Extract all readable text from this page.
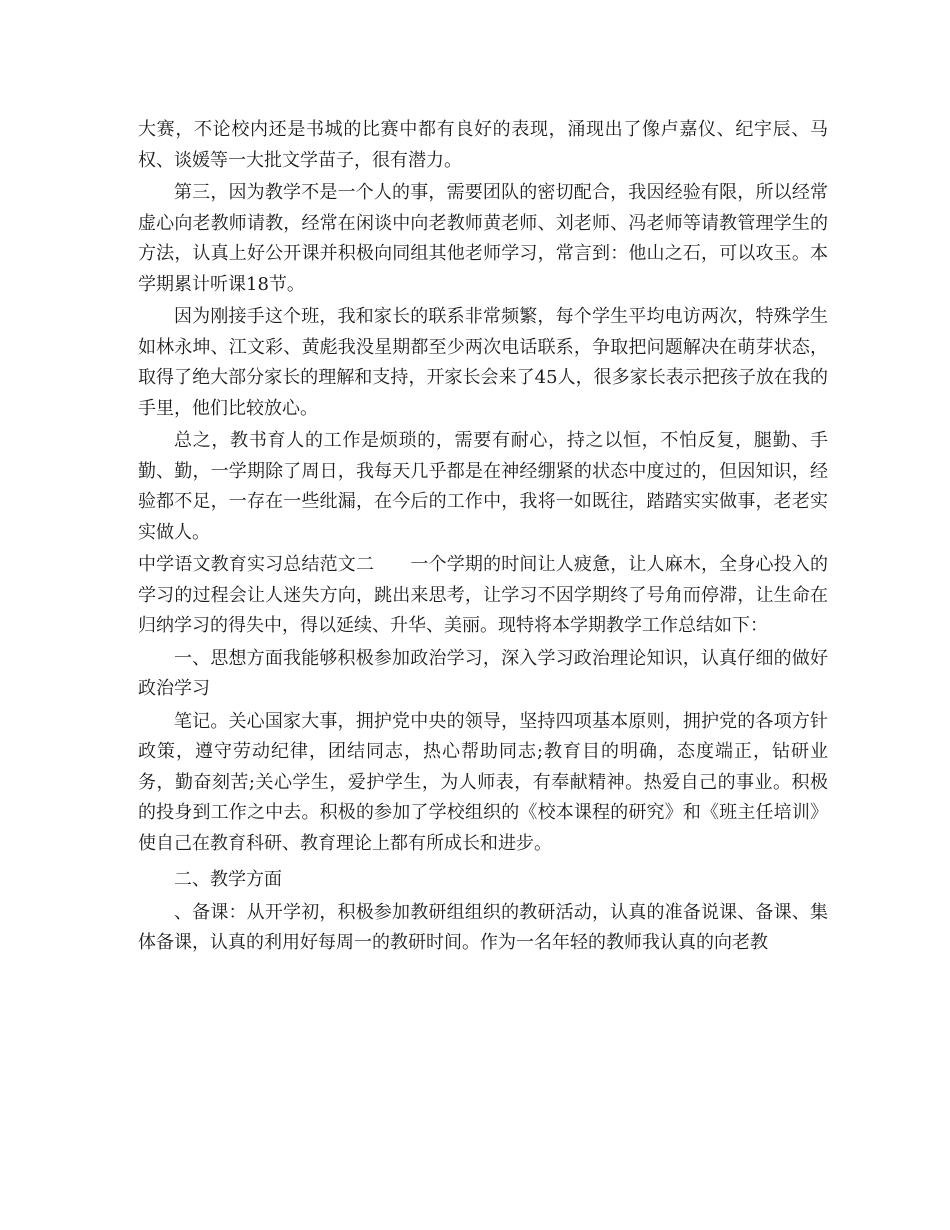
大赛，不论校内还是书城的比赛中都有良好的表现，涌现出了像卢嘉仪、纪宇辰、马权、谈媛等一大批文学苗子，很有潜力。

第三，因为教学不是一个人的事，需要团队的密切配合，我因经验有限，所以经常虚心向老教师请教，经常在闲谈中向老教师黄老师、刘老师、冯老师等请教管理学生的方法，认真上好公开课并积极向同组其他老师学习，常言到：他山之石，可以攻玉。本学期累计听课18节。

因为刚接手这个班，我和家长的联系非常频繁，每个学生平均电访两次，特殊学生如林永坤、江文彩、黄彪我没星期都至少两次电话联系，争取把问题解决在萌芽状态，取得了绝大部分家长的理解和支持，开家长会来了45人，很多家长表示把孩子放在我的手里，他们比较放心。

总之，教书育人的工作是烦琐的，需要有耐心，持之以恒，不怕反复，腿勤、手勤、勤，一学期除了周日，我每天几乎都是在神经绷紧的状态中度过的，但因知识，经验都不足，一存在一些纰漏，在今后的工作中，我将一如既往，踏踏实实做事，老老实实做人。

中学语文教育实习总结范文二　　一个学期的时间让人疲惫，让人麻木，全身心投入的学习的过程会让人迷失方向，跳出来思考，让学习不因学期终了号角而停滞，让生命在归纳学习的得失中，得以延续、升华、美丽。现特将本学期教学工作总结如下：

一、思想方面我能够积极参加政治学习，深入学习政治理论知识，认真仔细的做好政治学习

笔记。关心国家大事，拥护党中央的领导，坚持四项基本原则，拥护党的各项方针政策，遵守劳动纪律，团结同志，热心帮助同志;教育目的明确，态度端正，钻研业务，勤奋刻苦;关心学生，爱护学生，为人师表，有奉献精神。热爱自己的事业。积极的投身到工作之中去。积极的参加了学校组织的《校本课程的研究》和《班主任培训》使自己在教育科研、教育理论上都有所成长和进步。

二、教学方面

、备课：从开学初，积极参加教研组组织的教研活动，认真的准备说课、备课、集体备课，认真的利用好每周一的教研时间。作为一名年轻的教师我认真的向老教
